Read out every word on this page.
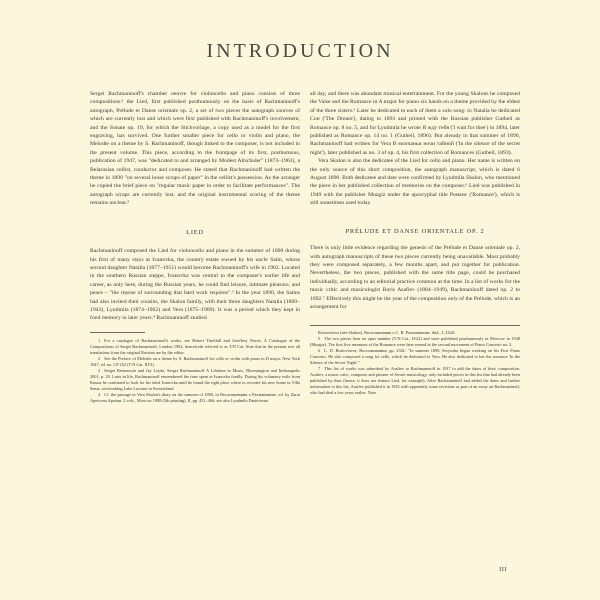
INTRODUCTION

Sergei Rachmaninoff's chamber oeuvre for violoncello and piano consists of three compositions:¹ the Lied, first published posthumously on the basis of Rachmaninoff's autograph, Prélude et Danse orientale op. 2, a set of two pieces the autograph sources of which are currently lost and which were first published with Rachmaninoff's involvement, and the Sonate op. 19, for which the Stichvorlage, a copy used as a model for the first engraving, has survived. One further smaller piece for cello or violin and piano, the Melodie on a theme by S. Rachmaninoff, though linked to the composer, is not included in the present volume. This piece, according to the frontpage of its first, posthumous, publication of 1947, was "dedicated to and arranged by Modest Altschuler" (1873–1963), a Belarusian cellist, conductor and composer. He stated that Rachmaninoff had written the theme in 1890 "on several loose scraps of paper" in the cellist's possession. As the arranger he copied the brief piece on "regular music paper in order to facilitate performances". The autograph scraps are currently lost, and the original instrumental scoring of the theme remains unclear.²

LIED

Rachmaninoff composed the Lied for violoncello and piano in the summer of 1890 during his first of many stays at Ivanovka, the country estate owned by his uncle Satin, whose second daughter Natalia (1877–1951) would become Rachmaninoff's wife in 1902. Located in the southern Russian steppe, Ivanovka was central to the composer's earlier life and career, as only here, during the Russian years, he could find leisure, intimate pleasure, and peace – "the repose of surrounding that hard work requires".³ In the year 1890, the Satins had also invited their cousins, the Skalon family, with their three daughters Natalia (1869–1943), Lyudmila (1874–1962) and Vera (1875–1909). It was a period which they kept in fond memory in later years.⁴ Rachmaninoff studied

1 For a catalogue of Rachmaninoff's works, see Robert Threlfall and Geoffrey Norris, A Catalogue of the Compositions of Sergei Rachmaninoff, London 1982, henceforth referred to as T/N Cat. Note that in the present text all translations from the original Russian are by the editor.

2 See the Preface of Melodie on a theme by S. Rachmaninoff for cello or violin with piano in D major, New York 1947, ed. no. CP 252 (T/N Cat. III/3).

3 Sergei Bertensson and Jay Leyda, Sergei Rachmaninoff A Lifetime in Music, Bloomington and Indianapolis 2001, p. 29. Later in life, Rachmaninoff remembered the time spent at Ivanovka fondly. During his voluntary exile from Russia he continued to look for his ideal Ivanovka until he found the right place where to recreate his new home in Villa Senar, overlooking Lake Lucerne in Switzerland.

4 Cf. the passage in Vera Skalon's diary on the summer of 1890, in Воспоминания о Рахманинове, ed. by Zarui Apetovna Apetian, 2 vols., Moscow 1988 (5th printing), II, pp. 451–466; see also Lyudmila Dmitrievna

all day, and there was abundant musical entertainment. For the young Skalons he composed the Valse and the Romance in A major for piano six hands on a theme provided by the eldest of the three sisters.⁵ Later he dedicated to each of them a solo song: to Natalia he dedicated Сон ('The Dream'), dating to 1893 and printed with the Russian publisher Gutheil as Romance op. 8 no. 5, and for Lyudmila he wrote Я жду тебя ('I wait for thee') in 1894, later published as Romance op. 14 no. 1 (Gutheil, 1896). But already in that summer of 1890, Rachmaninoff had written for Vera В молчаньи ночи тайной ('In the silence of the secret night'), later published as no. 3 of op. 4, his first collection of Romances (Gutheil, 1893).

Vera Skalon is also the dedicatee of the Lied for cello and piano. Her name is written on the only source of this short composition, the autograph manuscript, which is dated 6 August 1890. Both dedicatee and date were confirmed by Lyudmila Skalon, who mentioned the piece in her published collection of memories on the composer.⁶ Lied was published in 1949 with the publisher Muzgiz under the apocryphal title Романс ('Romance'), which is still sometimes used today.

PRÉLUDE ET DANSE ORIENTALE OP. 2

There is only little evidence regarding the genesis of the Prélude et Danse orientale op. 2, with autograph manuscripts of these two pieces currently being unavailable. Most probably they were composed separately, a few months apart, and put together for publication. Nevertheless, the two pieces, published with the same title page, could be purchased individually, according to an editorial practice common at the time. In a list of works for the music critic and musicologist Boris Asafiev (1884–1949), Rachmaninoff dated op. 2 to 1892.⁷ Effectively this might be the year of the composition only of the Prélude, which is an arrangement for

Rostovtseva (née Skalon), Воспоминания о С. В. Рахманинове, ibid., I, 232ff.

5 The two pieces bear no opus number (T/N Cat., II/22) and were published posthumously in Moscow in 1948 (Muzgiz). The first five measures of the Romance were later reused in the second movement of Piano Concerto no. 2.

6 L. D. Rostovtseva, Воспоминания, pp. 234f.: "In summer 1890, Seryozha began working on his First Piano Concerto. He also composed a song for cello, which he dedicated to Vera. He also dedicated to her the romance 'In the Silence of the Secret Night'."

7 This list of works was submitted by Asafiev to Rachmaninoff in 1917 to add the dates of their composition. Asafiev, a music critic, composer and pioneer of Soviet musicology, only included pieces in this list that had already been published by then (hence, it does not feature Lied, for example). After Rachmaninoff had added the dates and further information to this list, Asafiev published it in 1945 with apparently some revisions as part of an essay on Rachmaninoff, who had died a few years earlier. Note

III
